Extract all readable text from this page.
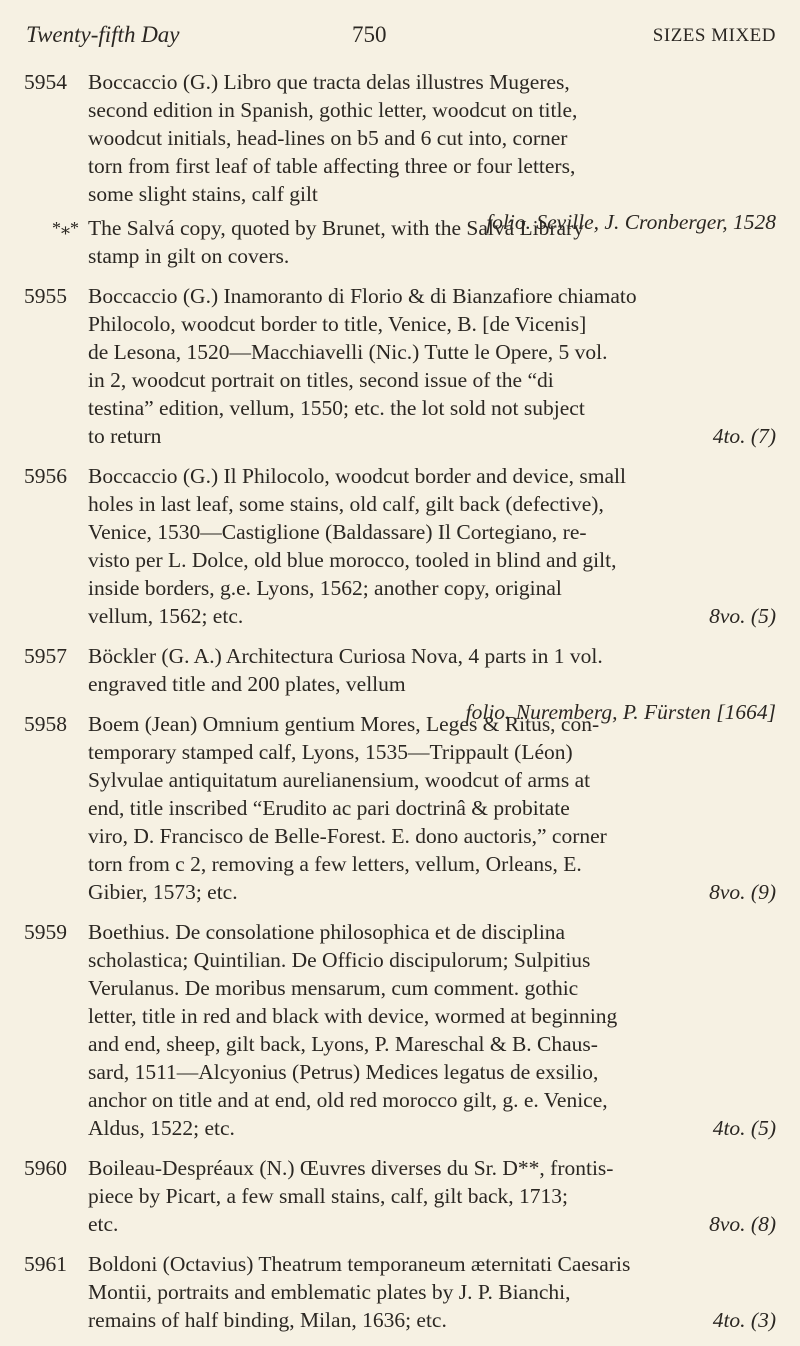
Twenty-fifth Day	750	SIZES MIXED
5954 Boccaccio (G.) Libro que tracta delas illustres Mugeres,
second edition in Spanish, gothic letter, woodcut on title,
woodcut initials, head-lines on b5 and 6 cut into, corner
torn from first leaf of table affecting three or four letters,
some slight stains, calf gilt
folio. Seville, J. Cronberger, 1528
*⁎* The Salvá copy, quoted by Brunet, with the Salvá Library
stamp in gilt on covers.
5955 Boccaccio (G.) Inamoranto di Florio & di Bianzafiore chiamato
Philocolo, woodcut border to title, Venice, B. [de Vicenis]
de Lesona, 1520—Macchiavelli (Nic.) Tutte le Opere, 5 vol.
in 2, woodcut portrait on titles, second issue of the “di
testina” edition, vellum, 1550; etc. the lot sold not subject
to return	4to. (7)
5956 Boccaccio (G.) Il Philocolo, woodcut border and device, small
holes in last leaf, some stains, old calf, gilt back (defective),
Venice, 1530—Castiglione (Baldassare) Il Cortegiano, re-
visto per L. Dolce, old blue morocco, tooled in blind and gilt,
inside borders, g.e. Lyons, 1562; another copy, original
vellum, 1562; etc.	8vo. (5)
5957 Böckler (G. A.) Architectura Curiosa Nova, 4 parts in 1 vol.
engraved title and 200 plates, vellum
folio. Nuremberg, P. Fürsten [1664]
5958 Boem (Jean) Omnium gentium Mores, Leges & Ritus, con-
temporary stamped calf, Lyons, 1535—Trippault (Léon)
Sylvulae antiquitatum aurelianensium, woodcut of arms at
end, title inscribed “Erudito ac pari doctrinâ & probitate
viro, D. Francisco de Belle-Forest. E. dono auctoris,” corner
torn from c 2, removing a few letters, vellum, Orleans, E.
Gibier, 1573; etc.	8vo. (9)
5959 Boethius. De consolatione philosophica et de disciplina
scholastica; Quintilian. De Officio discipulorum; Sulpitius
Verulanus. De moribus mensarum, cum comment. gothic
letter, title in red and black with device, wormed at beginning
and end, sheep, gilt back, Lyons, P. Mareschal & B. Chaus-
sard, 1511—Alcyonius (Petrus) Medices legatus de exsilio,
anchor on title and at end, old red morocco gilt, g. e. Venice,
Aldus, 1522; etc.	4to. (5)
5960 Boileau-Despréaux (N.) Œuvres diverses du Sr. D**, frontis-
piece by Picart, a few small stains, calf, gilt back, 1713;
etc.	8vo. (8)
5961 Boldoni (Octavius) Theatrum temporaneum æternitati Caesaris
Montii, portraits and emblematic plates by J. P. Bianchi,
remains of half binding, Milan, 1636; etc.	4to. (3)
